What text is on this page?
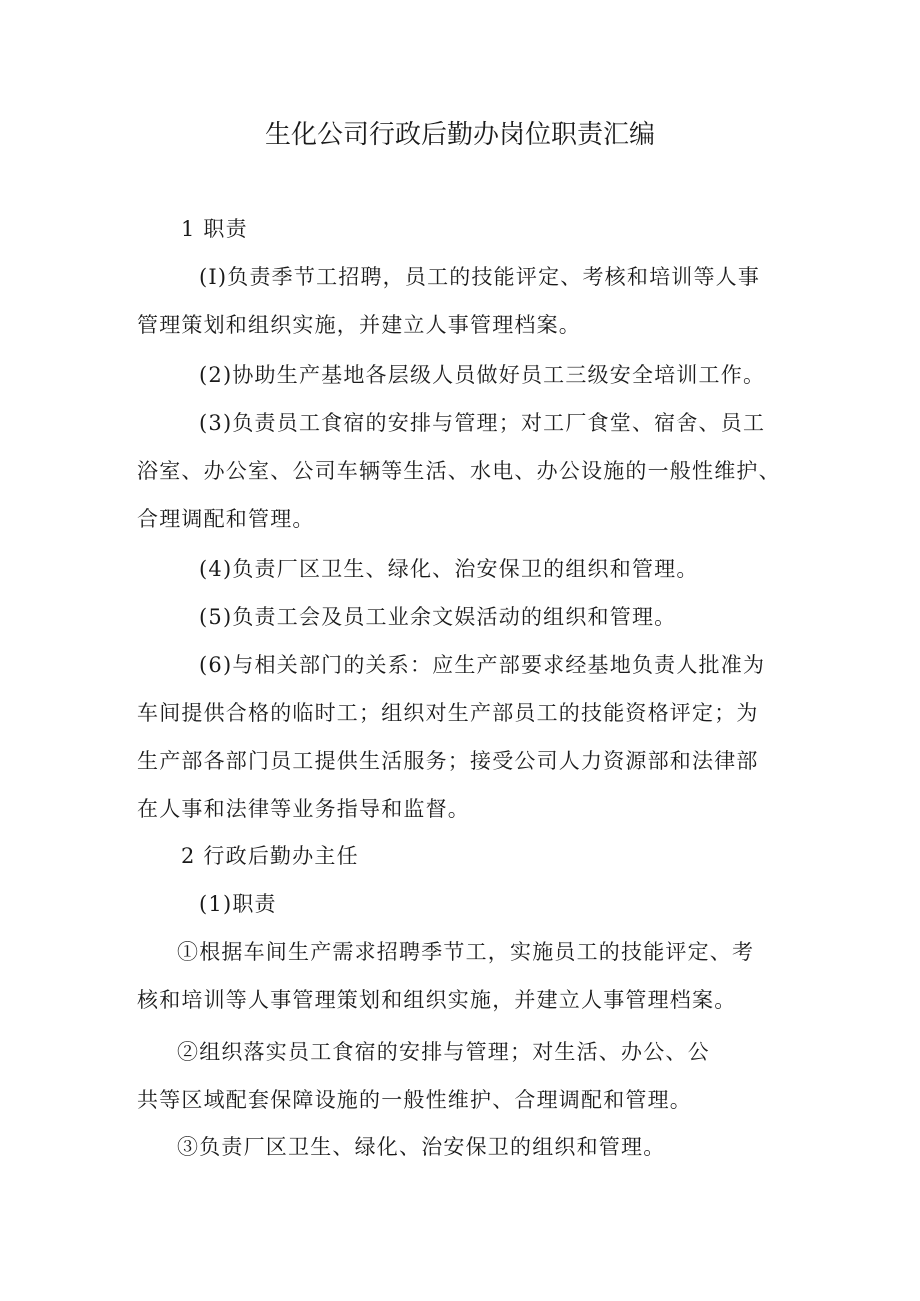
生化公司行政后勤办岗位职责汇编

1 职责

(I)负责季节工招聘，员工的技能评定、考核和培训等人事
管理策划和组织实施，并建立人事管理档案。

(2)协助生产基地各层级人员做好员工三级安全培训工作。

(3)负责员工食宿的安排与管理；对工厂食堂、宿舍、员工
浴室、办公室、公司车辆等生活、水电、办公设施的一般性维护、
合理调配和管理。

(4)负责厂区卫生、绿化、治安保卫的组织和管理。

(5)负责工会及员工业余文娱活动的组织和管理。

(6)与相关部门的关系：应生产部要求经基地负责人批准为
车间提供合格的临时工；组织对生产部员工的技能资格评定；为
生产部各部门员工提供生活服务；接受公司人力资源部和法律部
在人事和法律等业务指导和监督。

2 行政后勤办主任

(1)职责

①根据车间生产需求招聘季节工，实施员工的技能评定、考
核和培训等人事管理策划和组织实施，并建立人事管理档案。

②组织落实员工食宿的安排与管理；对生活、办公、公
共等区域配套保障设施的一般性维护、合理调配和管理。

③负责厂区卫生、绿化、治安保卫的组织和管理。
